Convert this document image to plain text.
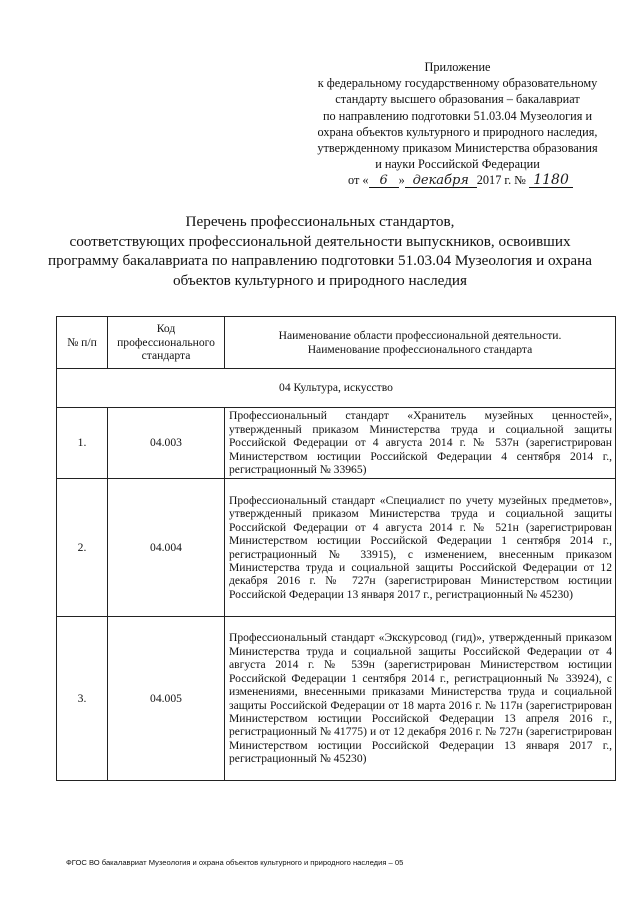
Приложение
к федеральному государственному образовательному
стандарту высшего образования – бакалавриат
по направлению подготовки 51.03.04 Музеология и
охрана объектов культурного и природного наследия,
утвержденному приказом Министерства образования
и науки Российской Федерации
от « 6 » декабря 2017 г. № 1180
Перечень профессиональных стандартов,
соответствующих профессиональной деятельности выпускников, освоивших
программу бакалавриата по направлению подготовки 51.03.04 Музеология и охрана
объектов культурного и природного наследия
№ п/п	Код профессионального стандарта	Наименование области профессиональной деятельности. Наименование профессионального стандарта
04 Культура, искусство		
1.	04.003	Профессиональный стандарт «Хранитель музейных ценностей», утвержденный приказом Министерства труда и социальной защиты Российской Федерации от 4 августа 2014 г. № 537н (зарегистрирован Министерством юстиции Российской Федерации 4 сентября 2014 г., регистрационный № 33965)
2.	04.004	Профессиональный стандарт «Специалист по учету музейных предметов», утвержденный приказом Министерства труда и социальной защиты Российской Федерации от 4 августа 2014 г. № 521н (зарегистрирован Министерством юстиции Российской Федерации 1 сентября 2014 г., регистрационный № 33915), с изменением, внесенным приказом Министерства труда и социальной защиты Российской Федерации от 12 декабря 2016 г. № 727н (зарегистрирован Министерством юстиции Российской Федерации 13 января 2017 г., регистрационный № 45230)
3.	04.005	Профессиональный стандарт «Экскурсовод (гид)», утвержденный приказом Министерства труда и социальной защиты Российской Федерации от 4 августа 2014 г. № 539н (зарегистрирован Министерством юстиции Российской Федерации 1 сентября 2014 г., регистрационный № 33924), с изменениями, внесенными приказами Министерства труда и социальной защиты Российской Федерации от 18 марта 2016 г. № 117н (зарегистрирован Министерством юстиции Российской Федерации 13 апреля 2016 г., регистрационный № 41775) и от 12 декабря 2016 г. № 727н (зарегистрирован Министерством юстиции Российской Федерации 13 января 2017 г., регистрационный № 45230)
ФГОС ВО бакалавриат Музеология и охрана объектов культурного и природного наследия – 05
